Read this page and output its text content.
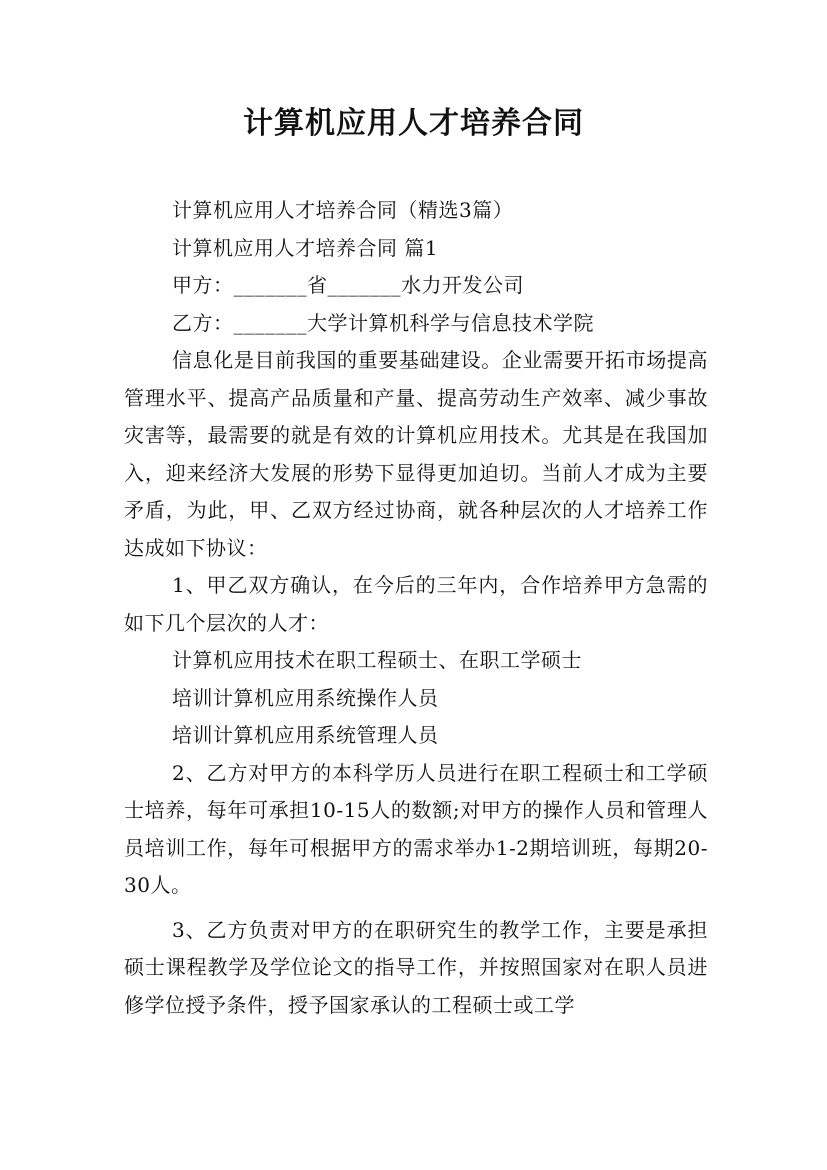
计算机应用人才培养合同

计算机应用人才培养合同（精选3篇）

计算机应用人才培养合同 篇1

甲方：_______省_______水力开发公司

乙方：_______大学计算机科学与信息技术学院

信息化是目前我国的重要基础建设。企业需要开拓市场提高管理水平、提高产品质量和产量、提高劳动生产效率、减少事故灾害等，最需要的就是有效的计算机应用技术。尤其是在我国加入，迎来经济大发展的形势下显得更加迫切。当前人才成为主要矛盾，为此，甲、乙双方经过协商，就各种层次的人才培养工作达成如下协议：

1、甲乙双方确认，在今后的三年内，合作培养甲方急需的如下几个层次的人才：

计算机应用技术在职工程硕士、在职工学硕士

培训计算机应用系统操作人员

培训计算机应用系统管理人员

2、乙方对甲方的本科学历人员进行在职工程硕士和工学硕士培养，每年可承担10-15人的数额;对甲方的操作人员和管理人员培训工作，每年可根据甲方的需求举办1-2期培训班，每期20-30人。

3、乙方负责对甲方的在职研究生的教学工作，主要是承担硕士课程教学及学位论文的指导工作，并按照国家对在职人员进修学位授予条件，授予国家承认的工程硕士或工学
